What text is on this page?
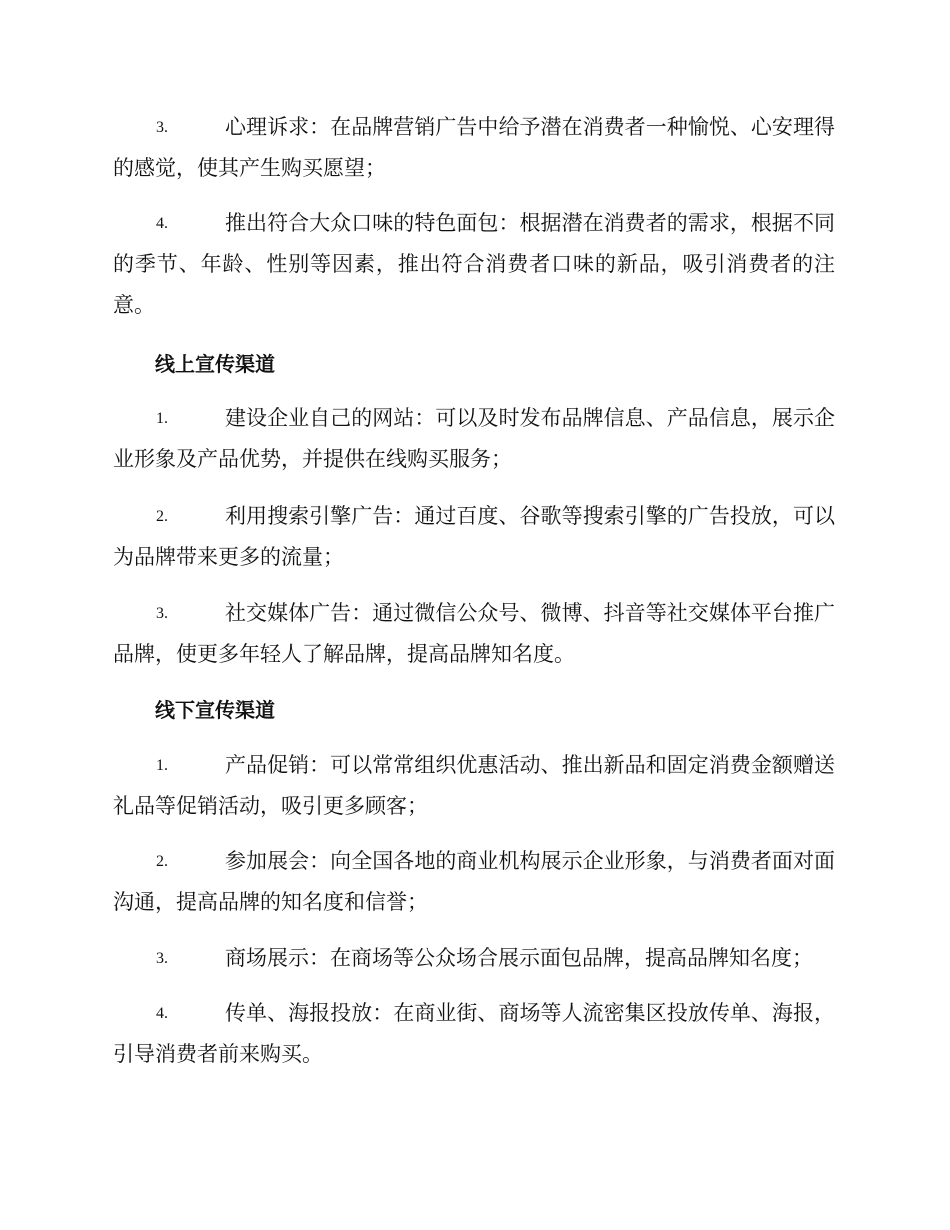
3.	心理诉求：在品牌营销广告中给予潜在消费者一种愉悦、心安理得的感觉，使其产生购买愿望；
4.	推出符合大众口味的特色面包：根据潜在消费者的需求，根据不同的季节、年龄、性别等因素，推出符合消费者口味的新品，吸引消费者的注意。
线上宣传渠道
1.	建设企业自己的网站：可以及时发布品牌信息、产品信息，展示企业形象及产品优势，并提供在线购买服务；
2.	利用搜索引擎广告：通过百度、谷歌等搜索引擎的广告投放，可以为品牌带来更多的流量；
3.	社交媒体广告：通过微信公众号、微博、抖音等社交媒体平台推广品牌，使更多年轻人了解品牌，提高品牌知名度。
线下宣传渠道
1.	产品促销：可以常常组织优惠活动、推出新品和固定消费金额赠送礼品等促销活动，吸引更多顾客；
2.	参加展会：向全国各地的商业机构展示企业形象，与消费者面对面沟通，提高品牌的知名度和信誉；
3.	商场展示：在商场等公众场合展示面包品牌，提高品牌知名度；
4.	传单、海报投放：在商业街、商场等人流密集区投放传单、海报，引导消费者前来购买。
